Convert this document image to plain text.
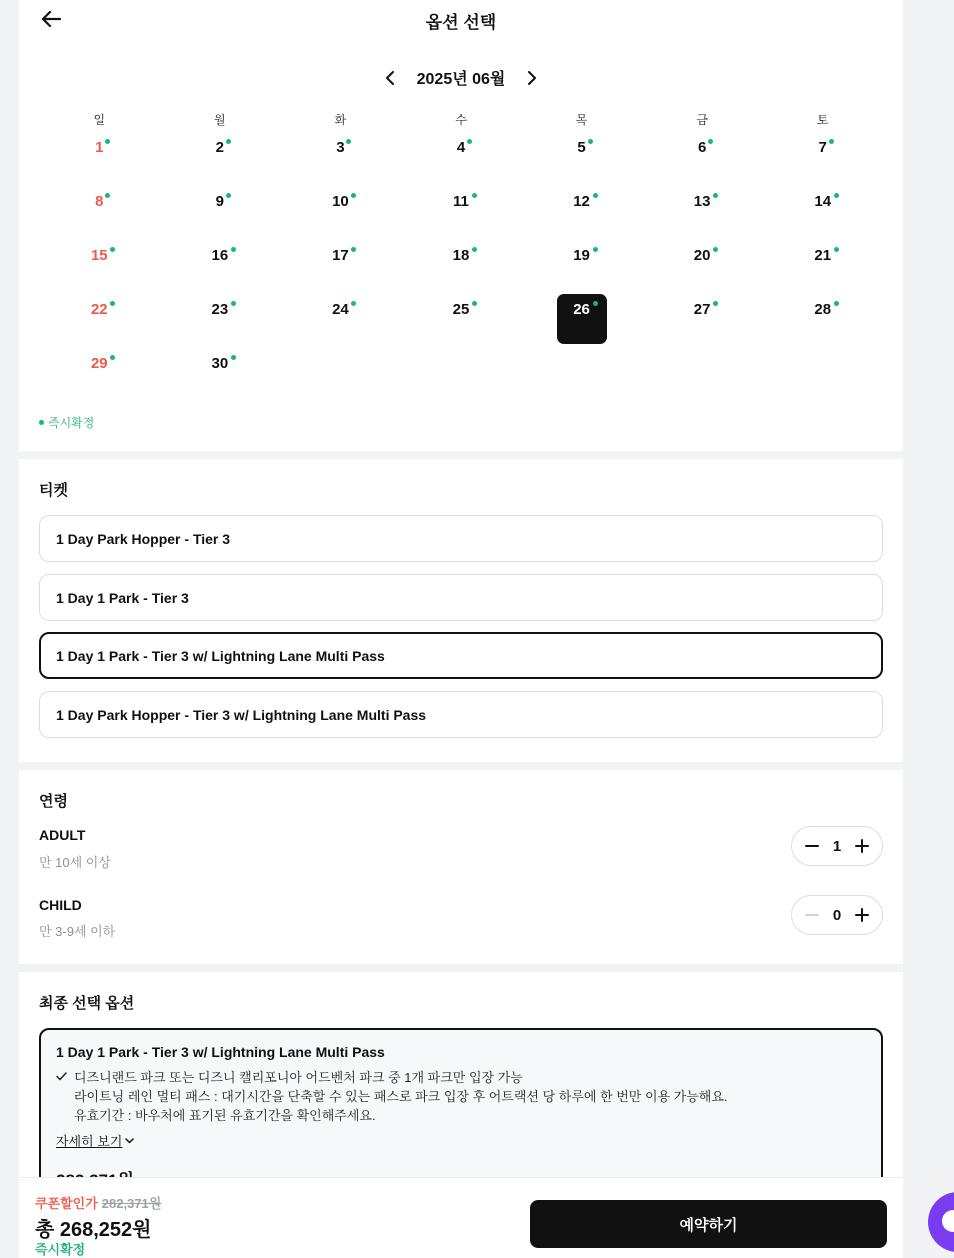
옵션 선택
2025년 06월
일	월	화	수	목	금	토
1	2	3	4	5	6	7
8	9	10	11	12	13	14
15	16	17	18	19	20	21
22	23	24	25	26	27	28
29	30
즉시확정
티켓
1 Day Park Hopper - Tier 3
1 Day 1 Park - Tier 3
1 Day 1 Park - Tier 3 w/ Lightning Lane Multi Pass
1 Day Park Hopper - Tier 3 w/ Lightning Lane Multi Pass
연령
ADULT
만 10세 이상
1
CHILD
만 3-9세 이하
0
최종 선택 옵션
1 Day 1 Park - Tier 3 w/ Lightning Lane Multi Pass
디즈니랜드 파크 또는 디즈니 캘리포니아 어드벤처 파크 중 1개 파크만 입장 가능
라이트닝 레인 멀티 패스 : 대기시간을 단축할 수 있는 패스로 파크 입장 후 어트랙션 당 하루에 한 번만 이용 가능해요.
유효기간 : 바우처에 표기된 유효기간을 확인해주세요.
자세히 보기
쿠폰할인가 282,371원
총 268,252원
즉시확정
예약하기
